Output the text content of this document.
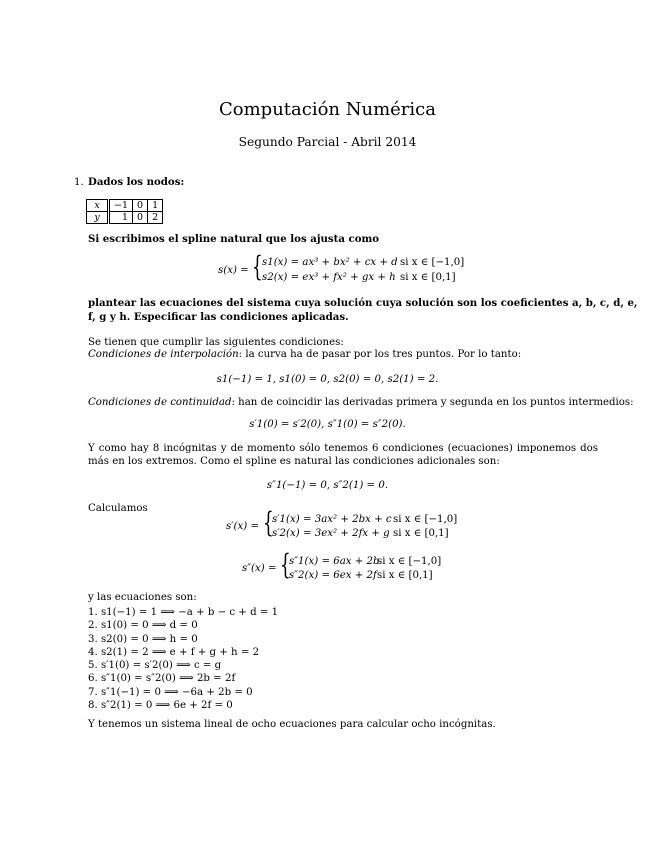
Computación Numérica
Segundo Parcial - Abril 2014
1. Dados los nodos:
x	−1	0	1
y	1	0	2
Si escribimos el spline natural que los ajusta como
s(x) = { s1(x) = ax³ + bx² + cx + d si x ∈ [−1,0]
s2(x) = ex³ + fx² + gx + h si x ∈ [0,1]
plantear las ecuaciones del sistema cuya solución cuya solución son los coeficientes a, b, c, d, e,
f, g y h. Especificar las condiciones aplicadas.
Se tienen que cumplir las siguientes condiciones:
Condiciones de interpolación: la curva ha de pasar por los tres puntos. Por lo tanto:
s1(−1) = 1, s1(0) = 0, s2(0) = 0, s2(1) = 2.
Condiciones de continuidad: han de coincidir las derivadas primera y segunda en los puntos intermedios:
s′1(0) = s′2(0), s″1(0) = s″2(0).
Y como hay 8 incógnitas y de momento sólo tenemos 6 condiciones (ecuaciones) imponemos dos más en los extremos. Como el spline es natural las condiciones adicionales son:
s″1(−1) = 0, s″2(1) = 0.
Calculamos
s′(x) = {
s′1(x) = 3ax² + 2bx + c si x ∈ [−1,0]
s′2(x) = 3ex² + 2fx + g si x ∈ [0,1]
s″(x) = {
s″1(x) = 6ax + 2b
si x ∈ [−1,0]
s″2(x) = 6ex + 2f si x ∈ [0,1]
y las ecuaciones son:
1. s1(−1) = 1 ⟹ −a + b − c + d = 1
2. s1(0) = 0 ⟹ d = 0
3. s2(0) = 0 ⟹ h = 0
4. s2(1) = 2 ⟹ e + f + g + h = 2
5. s′1(0) = s′2(0) ⟹ c = g
6. s″1(0) = s″2(0) ⟹ 2b = 2f
7. s″1(−1) = 0 ⟹ −6a + 2b = 0
8. s″2(1) = 0 ⟹ 6e + 2f = 0
Y tenemos un sistema lineal de ocho ecuaciones para calcular ocho incógnitas.
